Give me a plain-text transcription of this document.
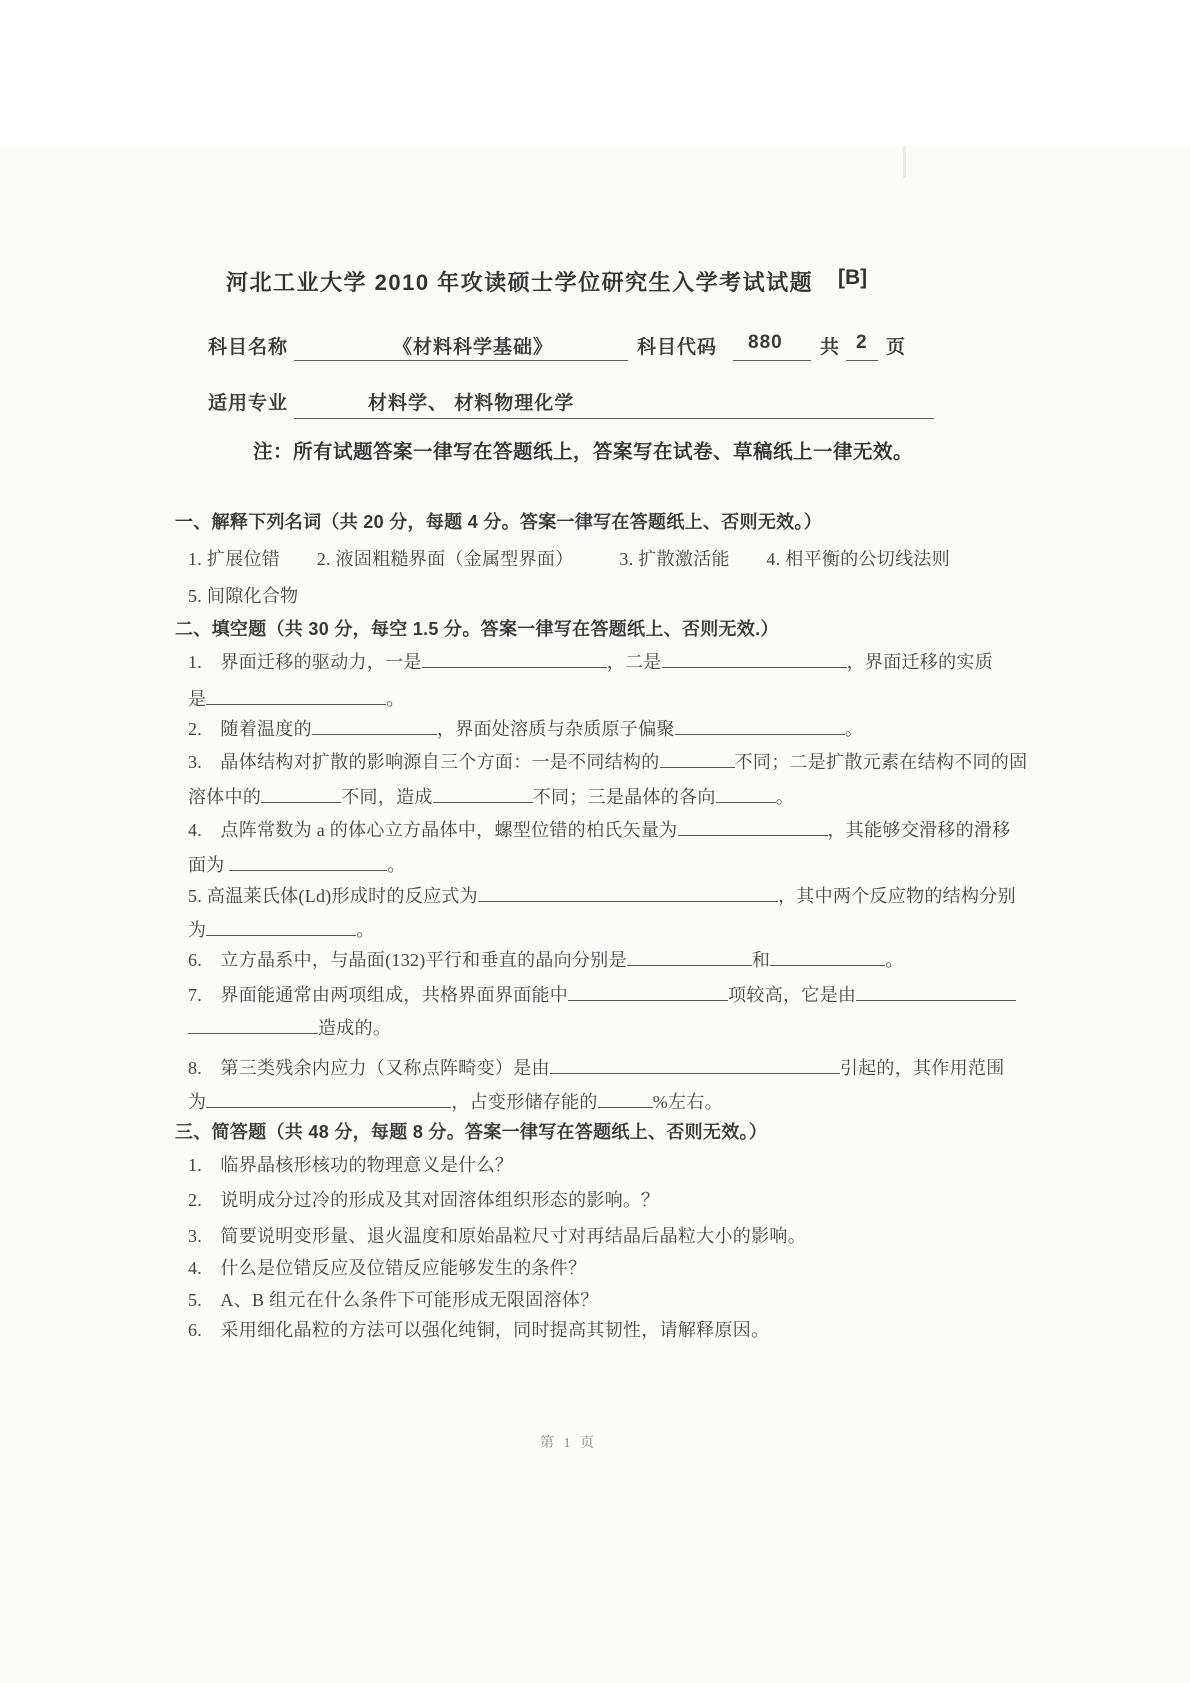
河北工业大学 2010 年攻读硕士学位研究生入学考试试题 [B]
科目名称	《材料科学基础》	科目代码 880 共 2 页
适用专业	材料学、 材料物理化学
注：所有试题答案一律写在答题纸上，答案写在试卷、草稿纸上一律无效。
一、解释下列名词（共 20 分，每题 4 分。答案一律写在答题纸上、否则无效。）
1. 扩展位错　　2. 液固粗糙界面（金属型界面）　　　3. 扩散激活能　　4. 相平衡的公切线法则
5. 间隙化合物
二、填空题（共 30 分，每空 1.5 分。答案一律写在答题纸上、否则无效.）
1.　界面迁移的驱动力，一是	，二是	，界面迁移的实质
是	。
2.　随着温度的	，界面处溶质与杂质原子偏聚	。
3.　晶体结构对扩散的影响源自三个方面：一是不同结构的	不同；二是扩散元素在结构不同的固
溶体中的	不同，造成	不同；三是晶体的各向	。
4.　点阵常数为 a 的体心立方晶体中，螺型位错的柏氏矢量为	，其能够交滑移的滑移
面为	。
5. 高温莱氏体(Ld)形成时的反应式为	，其中两个反应物的结构分别
为	。
6.　立方晶系中，与晶面(132)平行和垂直的晶向分别是	和	。
7.　界面能通常由两项组成，共格界面界面能中	项较高，它是由
造成的。
8.　第三类残余内应力（又称点阵畸变）是由	引起的，其作用范围
为	，占变形储存能的	%左右。
三、简答题（共 48 分，每题 8 分。答案一律写在答题纸上、否则无效。）
1.　临界晶核形核功的物理意义是什么？
2.　说明成分过冷的形成及其对固溶体组织形态的影响。？
3.　简要说明变形量、退火温度和原始晶粒尺寸对再结晶后晶粒大小的影响。
4.　什么是位错反应及位错反应能够发生的条件？
5.　A、B 组元在什么条件下可能形成无限固溶体？
6.　采用细化晶粒的方法可以强化纯铜，同时提高其韧性，请解释原因。
第 1 页
